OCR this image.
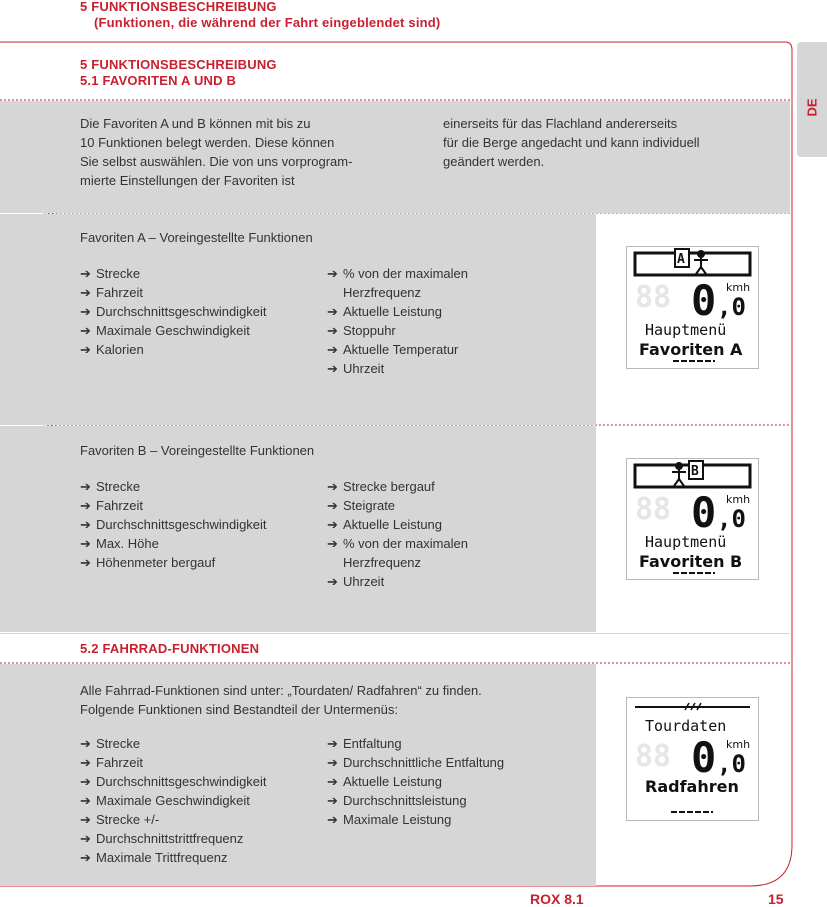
5 FUNKTIONSBESCHREIBUNG
(Funktionen, die während der Fahrt eingeblendet sind)
DE
5 FUNKTIONSBESCHREIBUNG
5.1 FAVORITEN A UND B
Die Favoriten A und B können mit bis zu
10 Funktionen belegt werden. Diese können
Sie selbst auswählen. Die von uns vorprogram-
mierte Einstellungen der Favoriten ist
einerseits für das Flachland andererseits
für die Berge angedacht und kann individuell
geändert werden.
Favoriten A – Voreingestellte Funktionen
➔ Strecke
➔ Fahrzeit
➔ Durchschnittsgeschwindigkeit
➔ Maximale Geschwindigkeit
➔ Kalorien
➔ % von der maximalen
Herzfrequenz
➔ Aktuelle Leistung
➔ Stoppuhr
➔ Aktuelle Temperatur
➔ Uhrzeit
A
88 0 ,0
kmh
Hauptmenü
Favoriten A
Favoriten B – Voreingestellte Funktionen
➔ Strecke
➔ Fahrzeit
➔ Durchschnittsgeschwindigkeit
➔ Max. Höhe
➔ Höhenmeter bergauf
➔ Strecke bergauf
➔ Steigrate
➔ Aktuelle Leistung
➔ % von der maximalen
Herzfrequenz
➔ Uhrzeit
B
88 0 ,0
kmh
Hauptmenü
Favoriten B
5.2 FAHRRAD-FUNKTIONEN
Alle Fahrrad-Funktionen sind unter: „Tourdaten/ Radfahren“ zu finden.
Folgende Funktionen sind Bestandteil der Untermenüs:
➔ Strecke
➔ Fahrzeit
➔ Durchschnittsgeschwindigkeit
➔ Maximale Geschwindigkeit
➔ Strecke +/-
➔ Durchschnittstrittfrequenz
➔ Maximale Trittfrequenz
➔ Entfaltung
➔ Durchschnittliche Entfaltung
➔ Aktuelle Leistung
➔ Durchschnittsleistung
➔ Maximale Leistung
Tourdaten
88 0 ,0
kmh
Radfahren
ROX 8.1	15
